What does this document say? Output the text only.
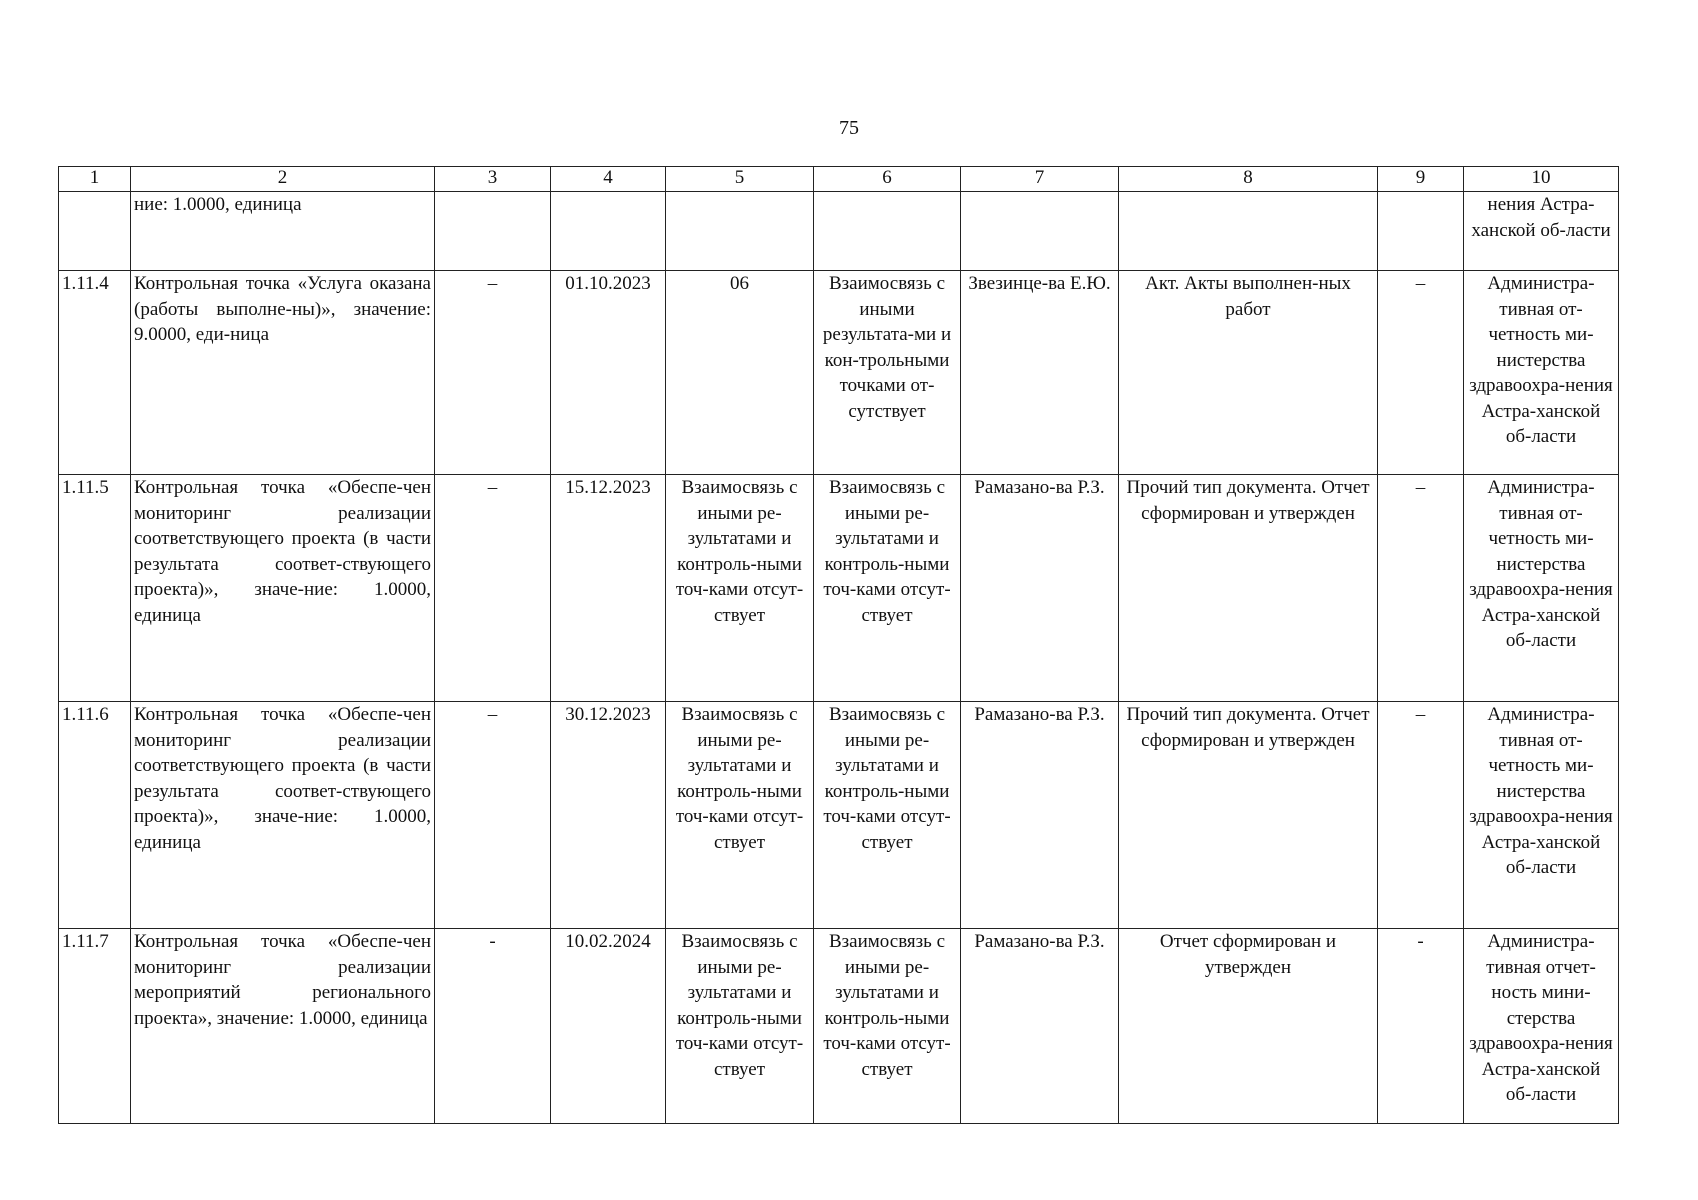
75
1	2	3	4	5	6	7	8	9	10
	ние: 1.0000, единица								нения Астра-ханской об-ласти
1.11.4	Контрольная точка «Услуга оказана (работы выполне-ны)», значение: 9.0000, еди-ница	–	01.10.2023	06	Взаимосвязь с иными результата-ми и кон-трольными точками от-сутствует	Звезинце-ва Е.Ю.	Акт. Акты выполнен-ных работ	–	Администра-тивная от-четность ми-нистерства здравоохра-нения Астра-ханской об-ласти
1.11.5	Контрольная точка «Обеспе-чен мониторинг реализации соответствующего проекта (в части результата соответ-ствующего проекта)», значе-ние: 1.0000, единица	–	15.12.2023	Взаимосвязь с иными ре-зультатами и контроль-ными точ-ками отсут-ствует	Взаимосвязь с иными ре-зультатами и контроль-ными точ-ками отсут-ствует	Рамазано-ва Р.З.	Прочий тип документа. Отчет сформирован и утвержден	–	Администра-тивная от-четность ми-нистерства здравоохра-нения Астра-ханской об-ласти
1.11.6	Контрольная точка «Обеспе-чен мониторинг реализации соответствующего проекта (в части результата соответ-ствующего проекта)», значе-ние: 1.0000, единица	–	30.12.2023	Взаимосвязь с иными ре-зультатами и контроль-ными точ-ками отсут-ствует	Взаимосвязь с иными ре-зультатами и контроль-ными точ-ками отсут-ствует	Рамазано-ва Р.З.	Прочий тип документа. Отчет сформирован и утвержден	–	Администра-тивная от-четность ми-нистерства здравоохра-нения Астра-ханской об-ласти
1.11.7	Контрольная точка «Обеспе-чен мониторинг реализации мероприятий регионального проекта», значение: 1.0000, единица	-	10.02.2024	Взаимосвязь с иными ре-зультатами и контроль-ными точ-ками отсут-ствует	Взаимосвязь с иными ре-зультатами и контроль-ными точ-ками отсут-ствует	Рамазано-ва Р.З.	Отчет сформирован и утвержден	-	Администра-тивная отчет-ность мини-стерства здравоохра-нения Астра-ханской об-ласти
